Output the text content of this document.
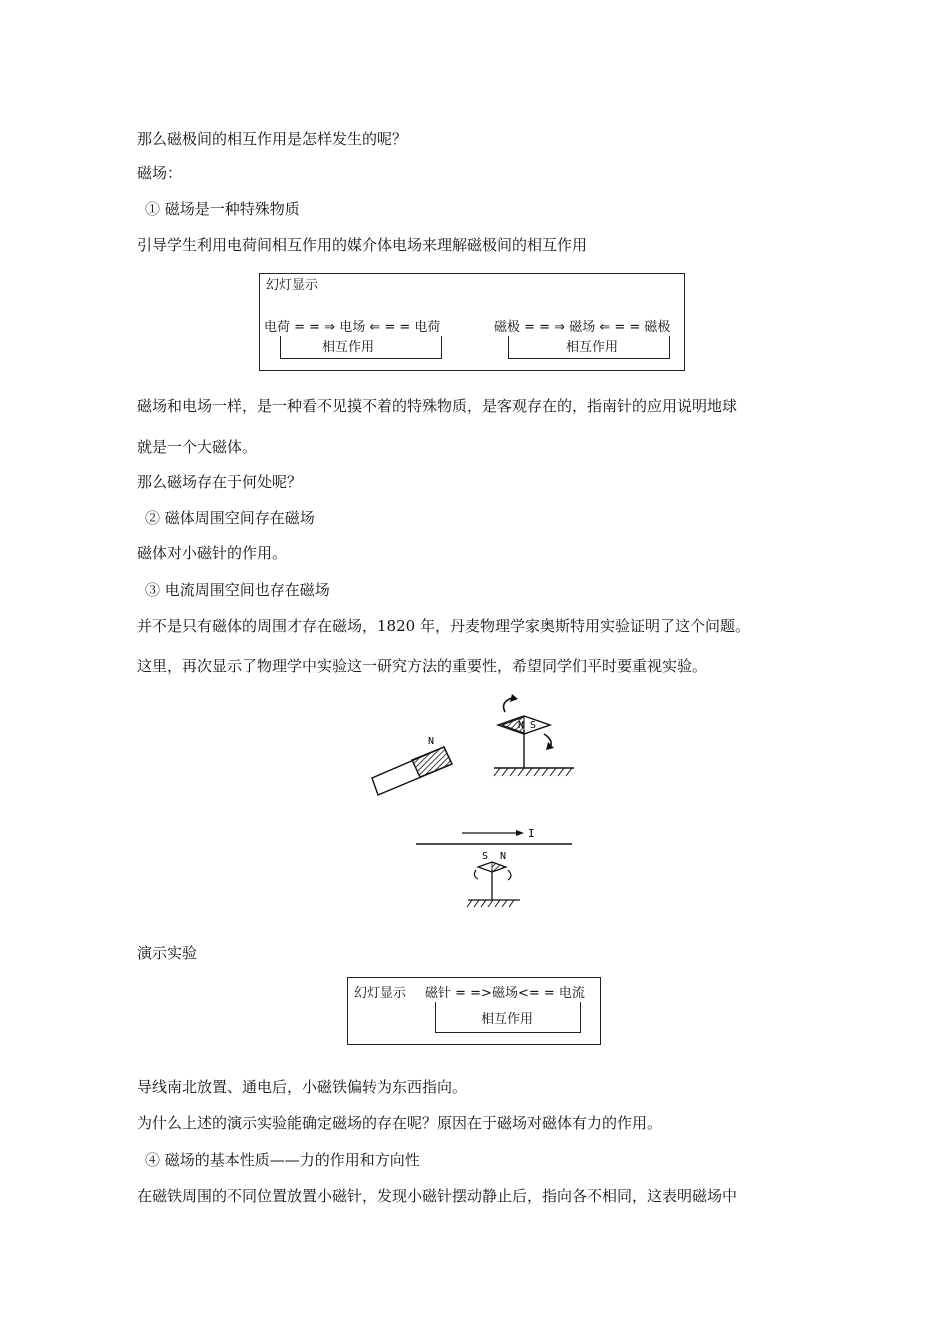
那么磁极间的相互作用是怎样发生的呢？

磁场：

① 磁场是一种特殊物质

引导学生利用电荷间相互作用的媒介体电场来理解磁极间的相互作用

幻灯显示
电荷 = = ⇒ 电场 ⇐ = = 电荷
相互作用
磁极 = = ⇒ 磁场 ⇐ = = 磁极
相互作用

磁场和电场一样，是一种看不见摸不着的特殊物质，是客观存在的，指南针的应用说明地球

就是一个大磁体。

那么磁场存在于何处呢？

② 磁体周围空间存在磁场

磁体对小磁针的作用。

③ 电流周围空间也存在磁场

并不是只有磁体的周围才存在磁场，1820 年，丹麦物理学家奥斯特用实验证明了这个问题。

这里，再次显示了物理学中实验这一研究方法的重要性，希望同学们平时要重视实验。

N
N S
I
S N

演示实验

幻灯显示 磁针 = =>磁场<= = 电流
相互作用

导线南北放置、通电后，小磁铁偏转为东西指向。

为什么上述的演示实验能确定磁场的存在呢？原因在于磁场对磁体有力的作用。

④ 磁场的基本性质——力的作用和方向性

在磁铁周围的不同位置放置小磁针，发现小磁针摆动静止后，指向各不相同，这表明磁场中
